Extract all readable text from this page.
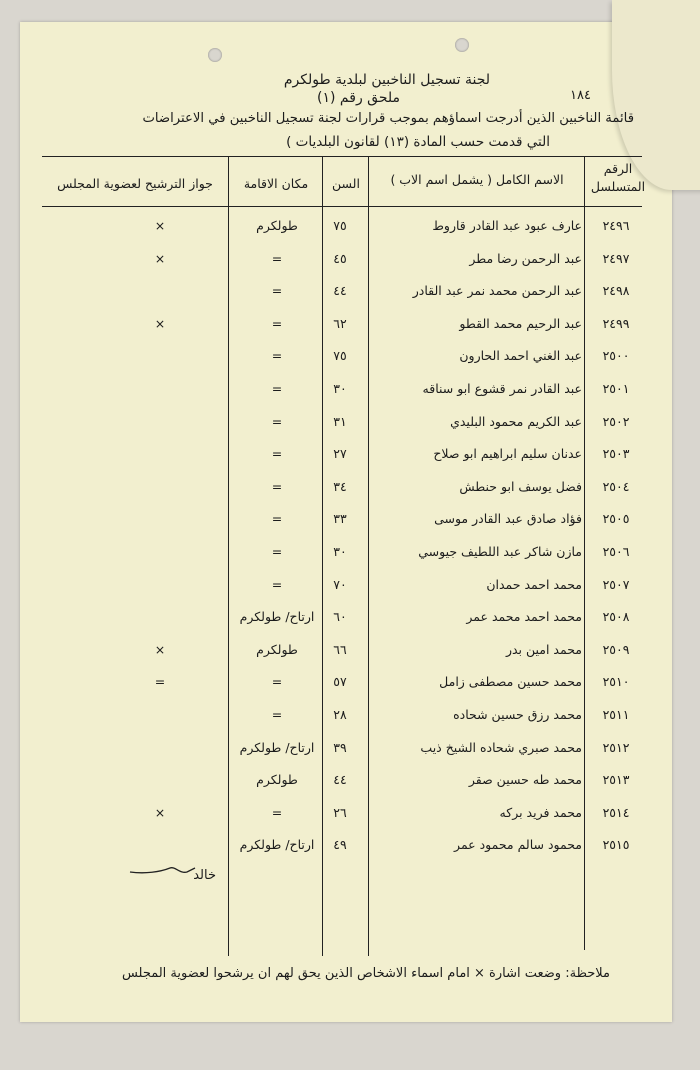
لجنة تسجيل الناخبين لبلدية طولكرم
١٨٤
ملحق رقم (١)
قائمة الناخبين الذين أدرجت اسماؤهم بموجب قرارات لجنة تسجيل الناخبين في الاعتراضات
التي قدمت حسب المادة (١٣) لقانون البلديات )
الرقم المتسلسل
الاسم الكامل ( يشمل اسم الاب )
السن
مكان الاقامة
جواز الترشيح لعضوية المجلس
٢٤٩٦
عارف عبود عبد القادر قاروط
٧٥
طولكرم
×
٢٤٩٧
عبد الرحمن رضا مطر
٤٥
=
×
٢٤٩٨
عبد الرحمن محمد نمر عبد القادر
٤٤
=
٢٤٩٩
عبد الرحيم محمد القطو
٦٢
=
×
٢٥٠٠
عبد الغني احمد الحارون
٧٥
=
٢٥٠١
عبد القادر نمر قشوع ابو سناقه
٣٠
=
٢٥٠٢
عبد الكريم محمود البليدي
٣١
=
٢٥٠٣
عدنان سليم ابراهيم ابو صلاح
٢٧
=
٢٥٠٤
فضل يوسف ابو حنطش
٣٤
=
٢٥٠٥
فؤاد صادق عبد القادر موسى
٣٣
=
٢٥٠٦
مازن شاكر عبد اللطيف جيوسي
٣٠
=
٢٥٠٧
محمد احمد حمدان
٧٠
=
٢٥٠٨
محمد احمد محمد عمر
٦٠
ارتاح/ طولكرم
٢٥٠٩
محمد امين بدر
٦٦
طولكرم
×
٢٥١٠
محمد حسين مصطفى زامل
٥٧
=
=
٢٥١١
محمد رزق حسين شحاده
٢٨
=
٢٥١٢
محمد صبري شحاده الشيخ ذيب
٣٩
ارتاح/ طولكرم
٢٥١٣
محمد طه حسين صقر
٤٤
طولكرم
٢٥١٤
محمد فريد بركه
٢٦
=
×
٢٥١٥
محمود سالم محمود عمر
٤٩
ارتاح/ طولكرم
خالد
ملاحظة: وضعت اشارة × امام اسماء الاشخاص الذين يحق لهم ان يرشحوا لعضوية المجلس
